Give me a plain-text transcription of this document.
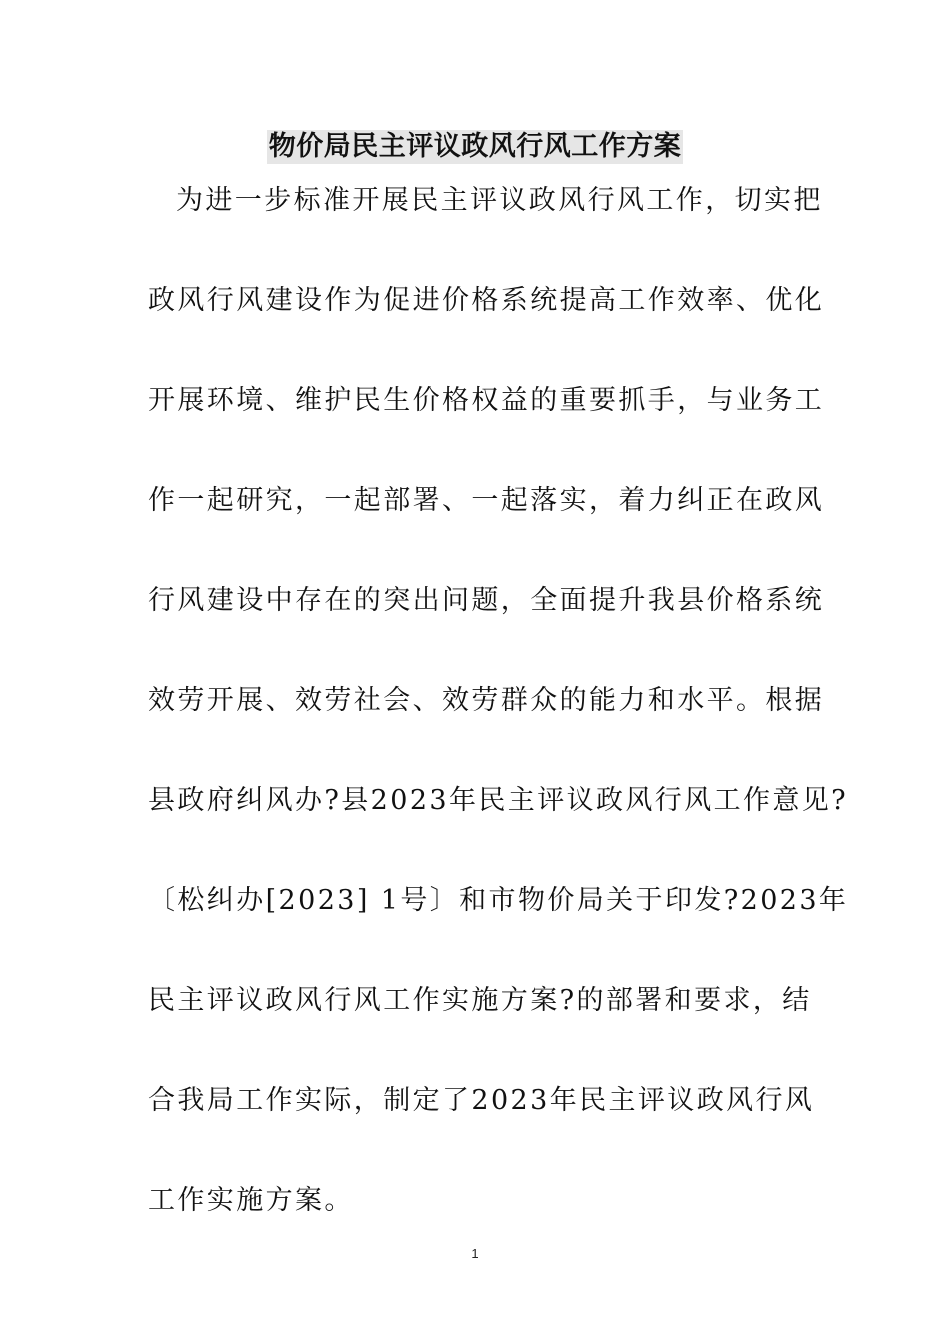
物价局民主评议政风行风工作方案
为进一步标准开展民主评议政风行风工作，切实把
政风行风建设作为促进价格系统提高工作效率、优化
开展环境、维护民生价格权益的重要抓手，与业务工
作一起研究，一起部署、一起落实，着力纠正在政风
行风建设中存在的突出问题，全面提升我县价格系统
效劳开展、效劳社会、效劳群众的能力和水平。根据
县政府纠风办?县2023年民主评议政风行风工作意见?
〔松纠办[2023] 1号〕和市物价局关于印发?2023年
民主评议政风行风工作实施方案?的部署和要求，结
合我局工作实际，制定了2023年民主评议政风行风
工作实施方案。
1
